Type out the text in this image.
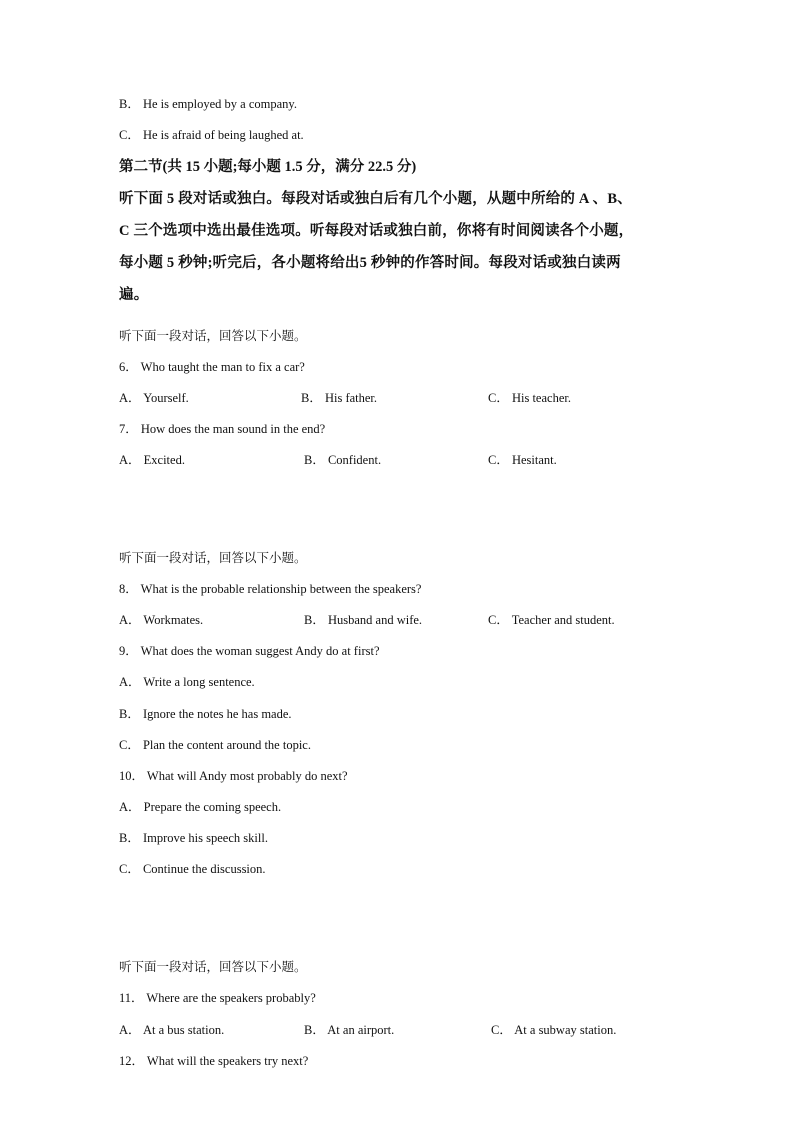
B． He is employed by a company.
C． He is afraid of being laughed at.
第二节(共 15 小题;每小题 1.5 分，满分 22.5 分)
听下面 5 段对话或独白。每段对话或独白后有几个小题，从题中所给的 A 、B、
C 三个选项中选出最佳选项。听每段对话或独白前，你将有时间阅读各个小题，
每小题 5 秒钟;听完后，各小题将给出5 秒钟的作答时间。每段对话或独白读两
遍。
听下面一段对话，回答以下小题。
6． Who taught the man to fix a car?
A． Yourself.	B． His father.	C． His teacher.
7． How does the man sound in the end?
A． Excited.	B． Confident.	C． Hesitant.
听下面一段对话，回答以下小题。
8． What is the probable relationship between the speakers?
A． Workmates.	B． Husband and wife.	C． Teacher and student.
9． What does the woman suggest Andy do at first?
A． Write a long sentence.
B． Ignore the notes he has made.
C． Plan the content around the topic.
10． What will Andy most probably do next?
A． Prepare the coming speech.
B． Improve his speech skill.
C． Continue the discussion.
听下面一段对话，回答以下小题。
11． Where are the speakers probably?
A． At a bus station.	B． At an airport.	C． At a subway station.
12． What will the speakers try next?
